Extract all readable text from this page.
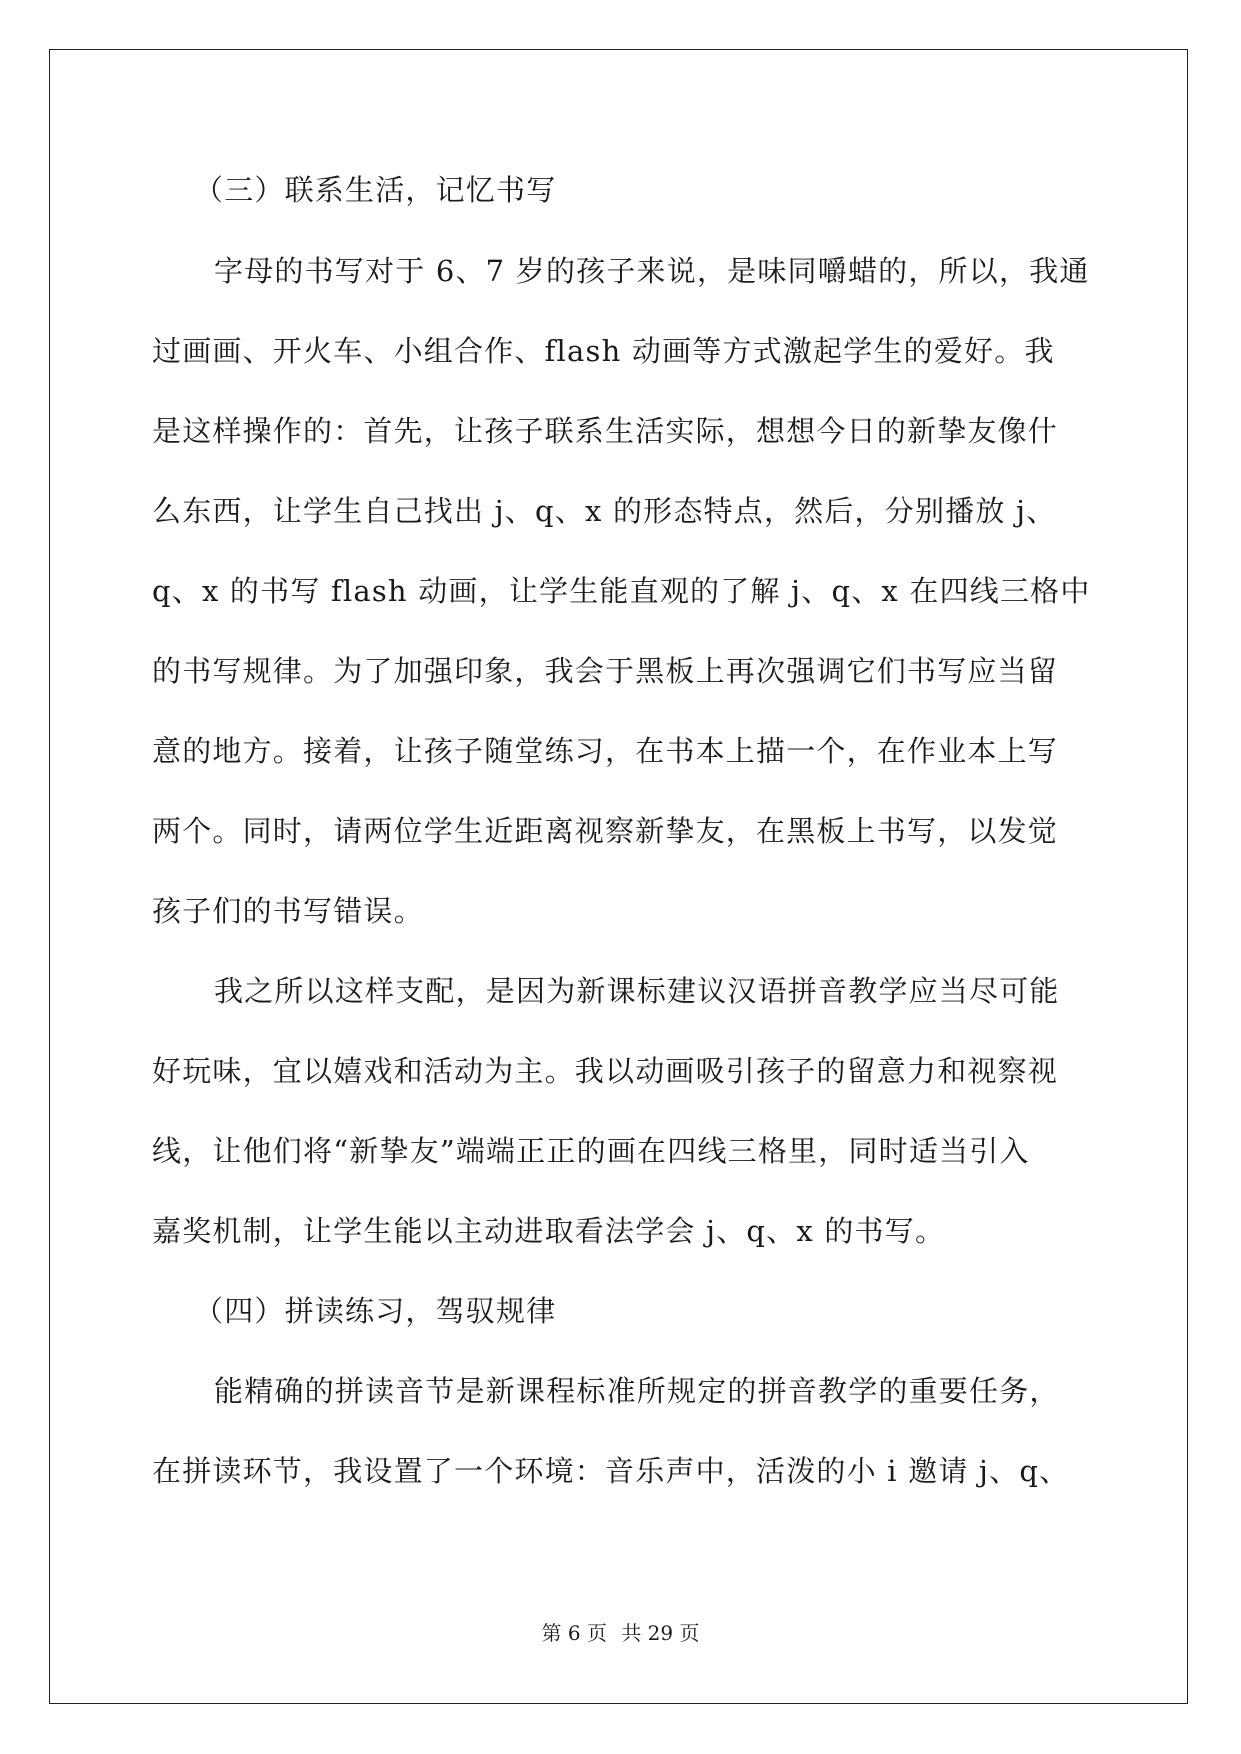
（三）联系生活，记忆书写
字母的书写对于 6、7 岁的孩子来说，是味同嚼蜡的，所以，我通
过画画、开火车、小组合作、flash 动画等方式激起学生的爱好。我
是这样操作的：首先，让孩子联系生活实际，想想今日的新挚友像什
么东西，让学生自己找出 j、q、x 的形态特点，然后，分别播放 j、
q、x 的书写 flash 动画，让学生能直观的了解 j、q、x 在四线三格中
的书写规律。为了加强印象，我会于黑板上再次强调它们书写应当留
意的地方。接着，让孩子随堂练习，在书本上描一个，在作业本上写
两个。同时，请两位学生近距离视察新挚友，在黑板上书写，以发觉
孩子们的书写错误。
我之所以这样支配，是因为新课标建议汉语拼音教学应当尽可能
好玩味，宜以嬉戏和活动为主。我以动画吸引孩子的留意力和视察视
线，让他们将“新挚友”端端正正的画在四线三格里，同时适当引入
嘉奖机制，让学生能以主动进取看法学会 j、q、x 的书写。
（四）拼读练习，驾驭规律
能精确的拼读音节是新课程标准所规定的拼音教学的重要任务，
在拼读环节，我设置了一个环境：音乐声中，活泼的小 i 邀请 j、q、
第 6 页 共 29 页
